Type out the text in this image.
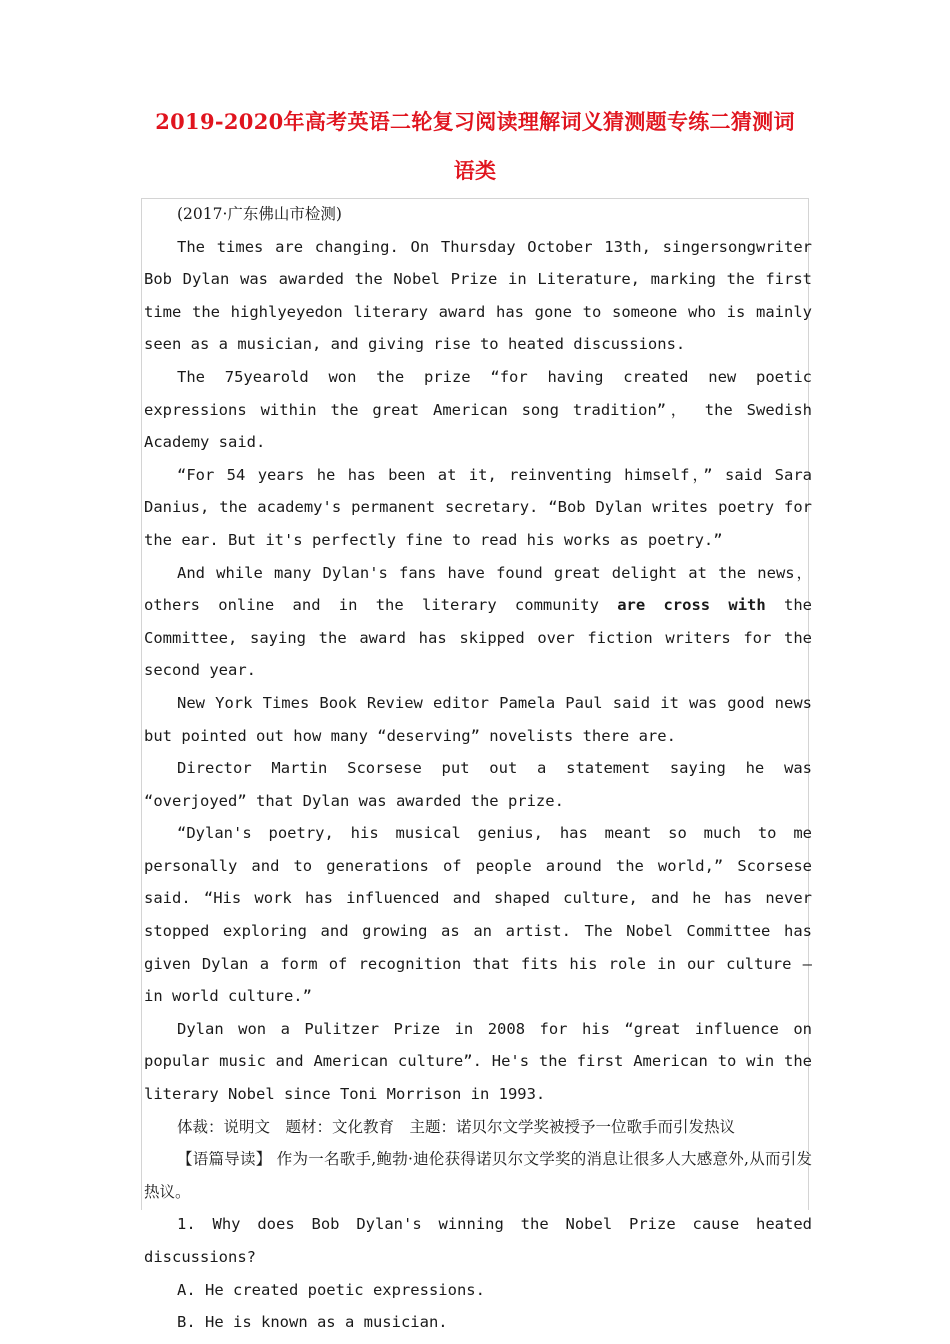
2019-2020年高考英语二轮复习阅读理解词义猜测题专练二猜测词
语类

(2017·广东佛山市检测)

The times are changing. On Thursday October 13th, singersongwriter Bob Dylan was awarded the Nobel Prize in Literature, marking the first time the highlyeyedon literary award has gone to someone who is mainly seen as a musician, and giving rise to heated discussions.

The 75yearold won the prize “for having created new poetic expressions within the great American song tradition”， the Swedish Academy said.

“For 54 years he has been at it, reinventing himself，” said Sara Danius, the academy's permanent secretary. “Bob Dylan writes poetry for the ear. But it's perfectly fine to read his works as poetry.”

And while many Dylan's fans have found great delight at the news，others online and in the literary community are cross with the Committee, saying the award has skipped over fiction writers for the second year.

New York Times Book Review editor Pamela Paul said it was good news but pointed out how many “deserving” novelists there are.

Director Martin Scorsese put out a statement saying he was “overjoyed” that Dylan was awarded the prize.

“Dylan's poetry, his musical genius, has meant so much to me personally and to generations of people around the world,” Scorsese said. “His work has influenced and shaped culture, and he has never stopped exploring and growing as an artist. The Nobel Committee has given Dylan a form of recognition that fits his role in our culture — in world culture.”

Dylan won a Pulitzer Prize in 2008 for his “great influence on popular music and American culture”. He's the first American to win the literary Nobel since Toni Morrison in 1993.

体裁：说明文　题材：文化教育　主题：诺贝尔文学奖被授予一位歌手而引发热议

【语篇导读】 作为一名歌手,鲍勃·迪伦获得诺贝尔文学奖的消息让很多人大感意外,从而引发热议。

1. Why does Bob Dylan's winning the Nobel Prize cause heated discussions?

A. He created poetic expressions.

B. He is known as a musician.
